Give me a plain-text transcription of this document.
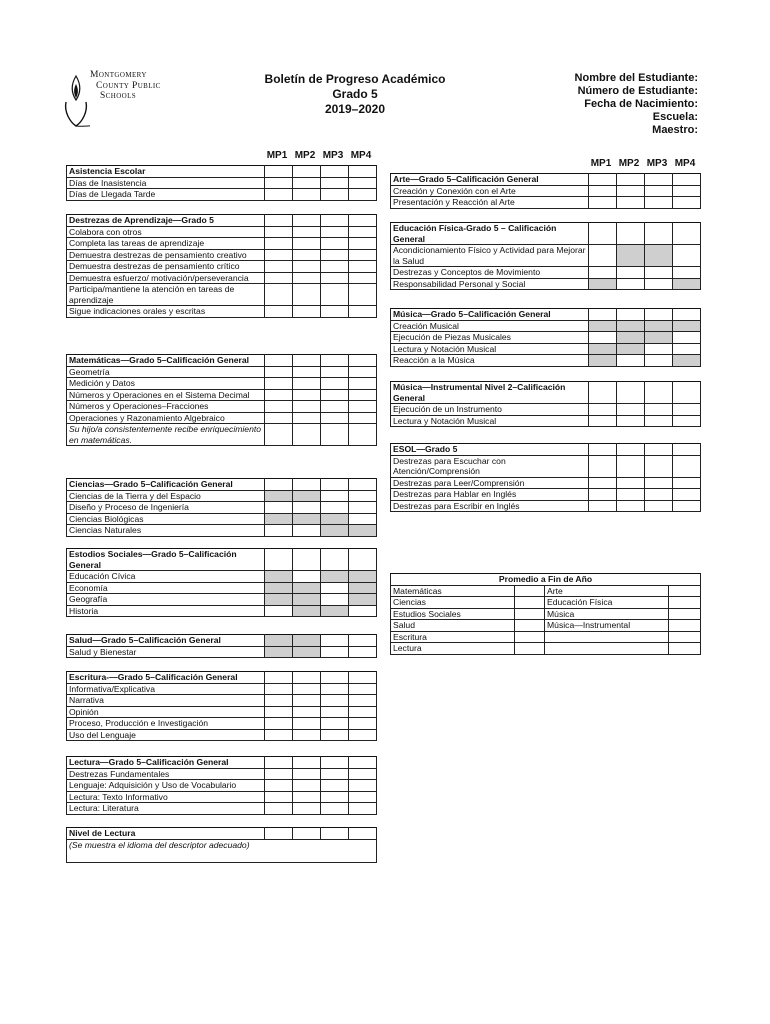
Montgomery
County Public
Schools
Boletín de Progreso Académico
Grado 5
2019–2020
Nombre del Estudiante:
Número de Estudiante:
Fecha de Nacimiento:
Escuela:
Maestro:
MP1 MP2 MP3 MP4
MP1 MP2 MP3 MP4
Asistencia Escolar				
Días de Inasistencia				
Días de Llegada Tarde				
Destrezas de Aprendizaje—Grado 5				
Colabora con otros				
Completa las tareas de aprendizaje				
Demuestra destrezas de pensamiento creativo				
Demuestra destrezas de pensamiento crítico				
Demuestra esfuerzo/ motivación/perseverancia				
Participa/mantiene la atención en tareas de aprendizaje				
Sigue indicaciones orales y escritas				
Matemáticas—Grado 5–Calificación General				
Geometría				
Medición y Datos				
Números y Operaciones en el Sistema Decimal				
Números y Operaciones–Fracciones				
Operaciones y Razonamiento Algebraico				
Su hijo/a consistentemente recibe enriquecimiento en matemáticas.				
Ciencias—Grado 5–Calificación General				
Ciencias de la Tierra y del Espacio				
Diseño y Proceso de Ingeniería				
Ciencias Biológicas				
Ciencias Naturales				
Estodios Sociales—Grado 5–Calificación General				
Educación Cívica				
Economía				
Geografía				
Historia				
Salud—Grado 5–Calificación General				
Salud y Bienestar				
Escritura-—Grado 5–Calificación General				
Informativa/Explicativa				
Narrativa				
Opinión				
Proceso, Producción e Investigación				
Uso del Lenguaje				
Lectura—Grado 5–Calificación General				
Destrezas Fundamentales				
Lenguaje: Adquisición y Uso de Vocabulario				
Lectura: Texto Informativo				
Lectura: Literatura				
Nivel de Lectura				
(Se muestra el idioma del descriptor adecuado)
Arte—Grado 5–Calificación General				
Creación y Conexión con el Arte				
Presentación y Reacción al Arte				
Educación Física-Grado 5 – Calificación General				
Acondicionamiento Físico y Actividad para Mejorar la Salud				
Destrezas y Conceptos de Movimiento				
Responsabilidad Personal y Social				
Música—Grado 5–Calificación General				
Creación Musical				
Ejecución de Piezas Musicales				
Lectura y Notación Musical				
Reacción a la Música				
Música—Instrumental Nivel 2–Calificación General				
Ejecución de un Instrumento				
Lectura y Notación Musical				
ESOL—Grado 5				
Destrezas para Escuchar con Atención/Comprensión				
Destrezas para Leer/Comprensión				
Destrezas para Hablar en Inglés				
Destrezas para Escribir en Inglés				
Promedio a Fin de Año			
Matemáticas		Arte	
Ciencias		Educación Física	
Estudios Sociales		Música	
Salud		Música—Instrumental	
Escritura			
Lectura			
